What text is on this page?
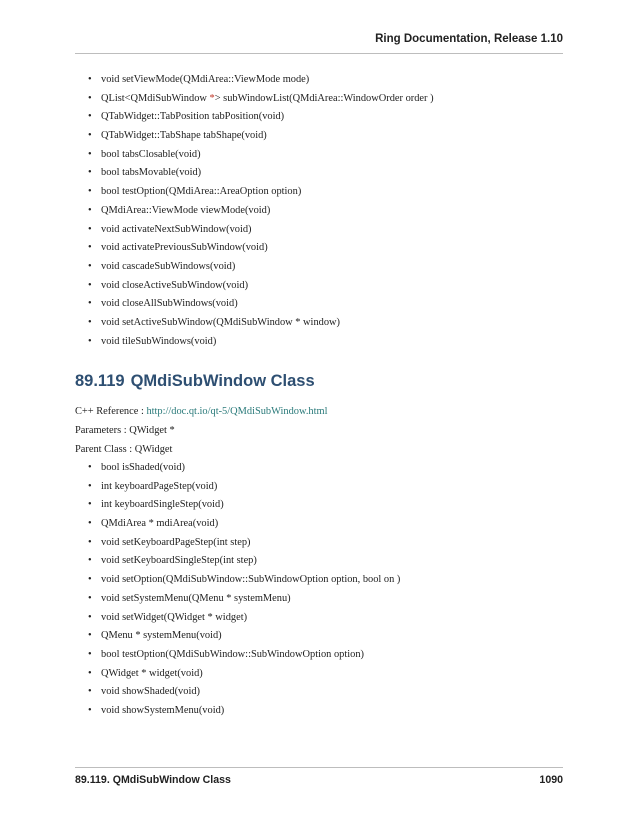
Ring Documentation, Release 1.10
• void setViewMode(QMdiArea::ViewMode mode)
• QList<QMdiSubWindow *> subWindowList(QMdiArea::WindowOrder order )
• QTabWidget::TabPosition tabPosition(void)
• QTabWidget::TabShape tabShape(void)
• bool tabsClosable(void)
• bool tabsMovable(void)
• bool testOption(QMdiArea::AreaOption option)
• QMdiArea::ViewMode viewMode(void)
• void activateNextSubWindow(void)
• void activatePreviousSubWindow(void)
• void cascadeSubWindows(void)
• void closeActiveSubWindow(void)
• void closeAllSubWindows(void)
• void setActiveSubWindow(QMdiSubWindow * window)
• void tileSubWindows(void)
89.119 QMdiSubWindow Class
C++ Reference : http://doc.qt.io/qt-5/QMdiSubWindow.html
Parameters : QWidget *
Parent Class : QWidget
• bool isShaded(void)
• int keyboardPageStep(void)
• int keyboardSingleStep(void)
• QMdiArea * mdiArea(void)
• void setKeyboardPageStep(int step)
• void setKeyboardSingleStep(int step)
• void setOption(QMdiSubWindow::SubWindowOption option, bool on )
• void setSystemMenu(QMenu * systemMenu)
• void setWidget(QWidget * widget)
• QMenu * systemMenu(void)
• bool testOption(QMdiSubWindow::SubWindowOption option)
• QWidget * widget(void)
• void showShaded(void)
• void showSystemMenu(void)
89.119. QMdiSubWindow Class	1090
